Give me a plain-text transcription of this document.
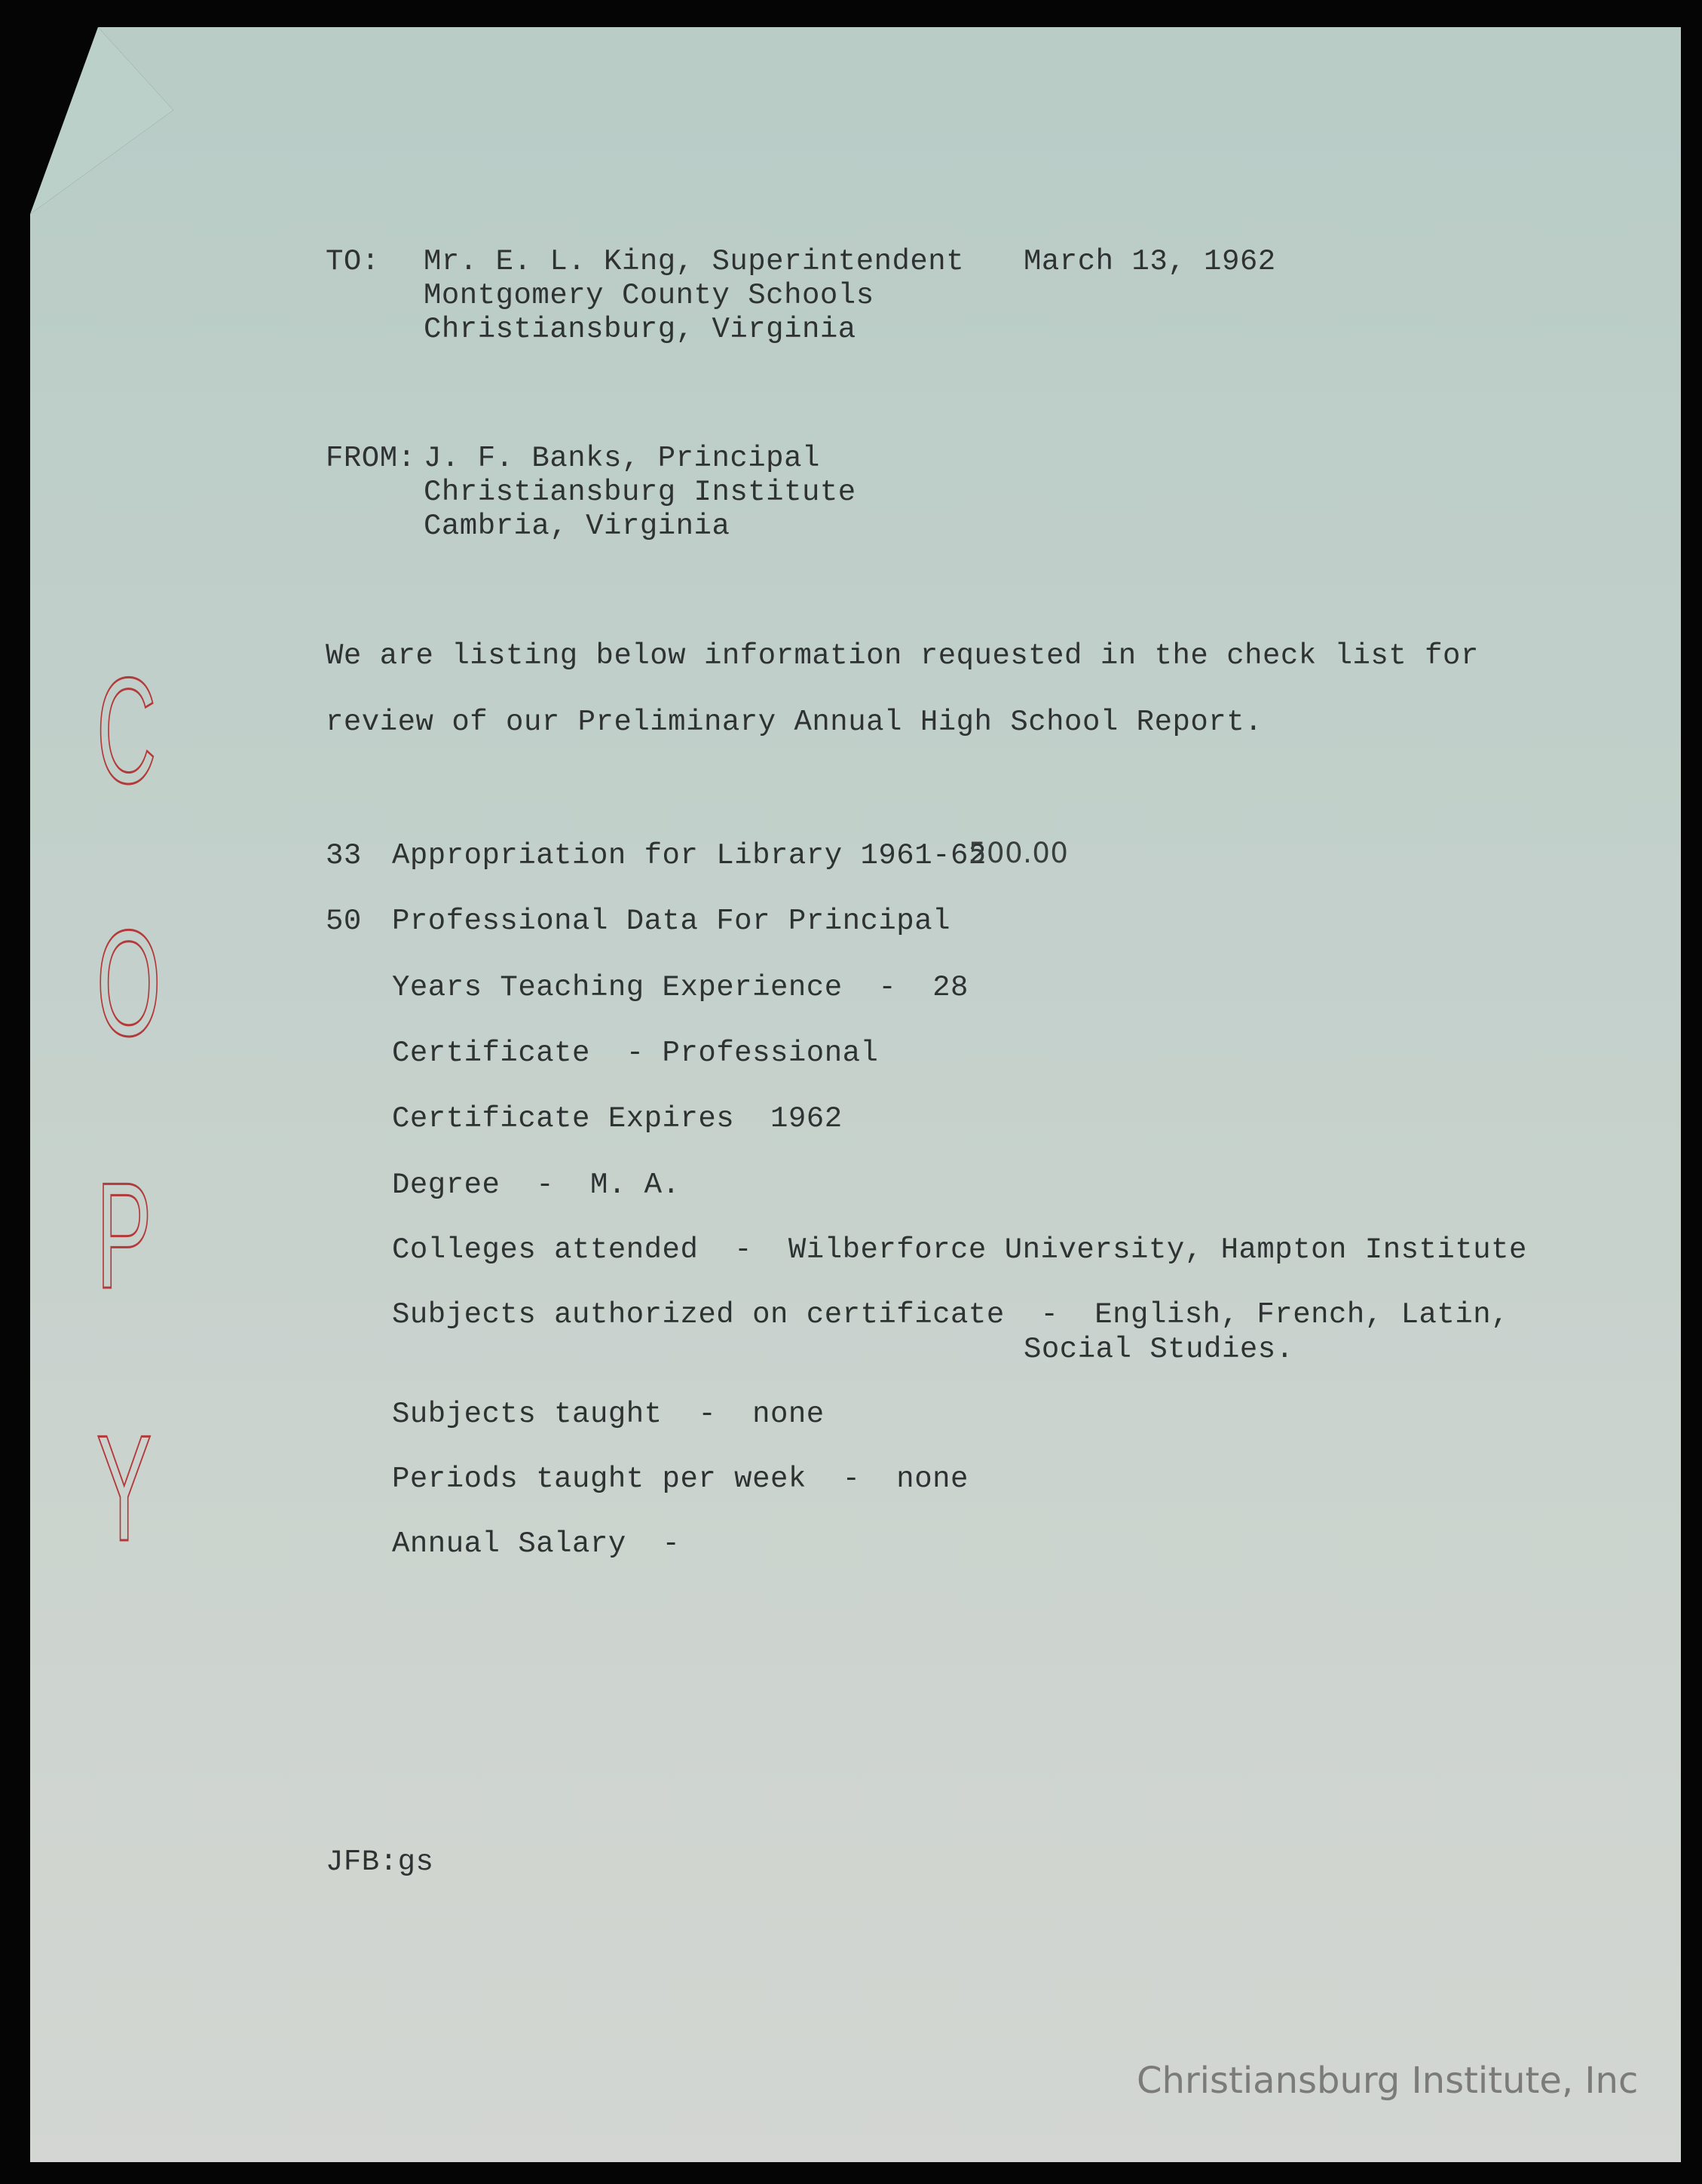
TO: Mr. E. L. King, Superintendent
Montgomery County Schools
Christiansburg, Virginia
March 13, 1962
FROM: J. F. Banks, Principal
Christiansburg Institute
Cambria, Virginia
We are listing below information requested in the check list for
review of our Preliminary Annual High School Report.
33 Appropriation for Library 1961-62
500.00
50 Professional Data For Principal
Years Teaching Experience  -  28
Certificate  - Professional
Certificate Expires  1962
Degree  -  M. A.
Colleges attended  -  Wilberforce University, Hampton Institute
Subjects authorized on certificate  -  English, French, Latin,
Social Studies.
Subjects taught  -  none
Periods taught per week  -  none
Annual Salary  -
JFB:gs
C
O
P
Y
Christiansburg Institute, Inc
